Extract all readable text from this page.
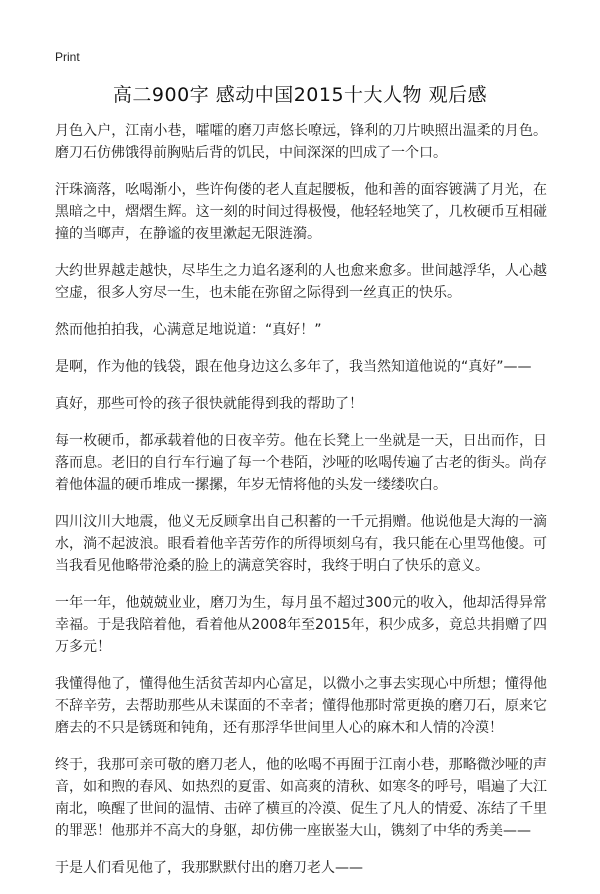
Print
高二900字 感动中国2015十大人物 观后感

月色入户，江南小巷，嚯嚯的磨刀声悠长嘹远，锋利的刀片映照出温柔的月色。磨刀石仿佛饿得前胸贴后背的饥民，中间深深的凹成了一个口。

汗珠滴落，吆喝渐小，些许佝偻的老人直起腰板，他和善的面容镀满了月光，在黑暗之中，熠熠生辉。这一刻的时间过得极慢，他轻轻地笑了，几枚硬币互相碰撞的当啷声，在静谧的夜里漱起无限涟漪。

大约世界越走越快，尽毕生之力追名逐利的人也愈来愈多。世间越浮华，人心越空虚，很多人穷尽一生，也未能在弥留之际得到一丝真正的快乐。

然而他拍拍我，心满意足地说道：“真好！”

是啊，作为他的钱袋，跟在他身边这么多年了，我当然知道他说的“真好”——

真好，那些可怜的孩子很快就能得到我的帮助了！

每一枚硬币，都承载着他的日夜辛劳。他在长凳上一坐就是一天，日出而作，日落而息。老旧的自行车行遍了每一个巷陌，沙哑的吆喝传遍了古老的街头。尚存着他体温的硬币堆成一摞摞，年岁无情将他的头发一缕缕吹白。

四川汶川大地震，他义无反顾拿出自己积蓄的一千元捐赠。他说他是大海的一滴水，淌不起波浪。眼看着他辛苦劳作的所得顷刻乌有，我只能在心里骂他傻。可当我看见他略带沧桑的脸上的满意笑容时，我终于明白了快乐的意义。

一年一年，他兢兢业业，磨刀为生，每月虽不超过300元的收入，他却活得异常幸福。于是我陪着他，看着他从2008年至2015年，积少成多，竟总共捐赠了四万多元！

我懂得他了，懂得他生活贫苦却内心富足，以微小之事去实现心中所想；懂得他不辞辛劳，去帮助那些从未谋面的不幸者；懂得他那时常更换的磨刀石，原来它磨去的不只是锈斑和钝角，还有那浮华世间里人心的麻木和人情的冷漠！

终于，我那可亲可敬的磨刀老人，他的吆喝不再囿于江南小巷，那略微沙哑的声音，如和煦的春风、如热烈的夏雷、如高爽的清秋、如寒冬的呼号，唱遍了大江南北，唤醒了世间的温情、击碎了横亘的冷漠、促生了凡人的情爱、冻结了千里的罪恶！他那并不高大的身躯，却仿佛一座嵌崟大山，镌刻了中华的秀美——

于是人们看见他了，我那默默付出的磨刀老人——
